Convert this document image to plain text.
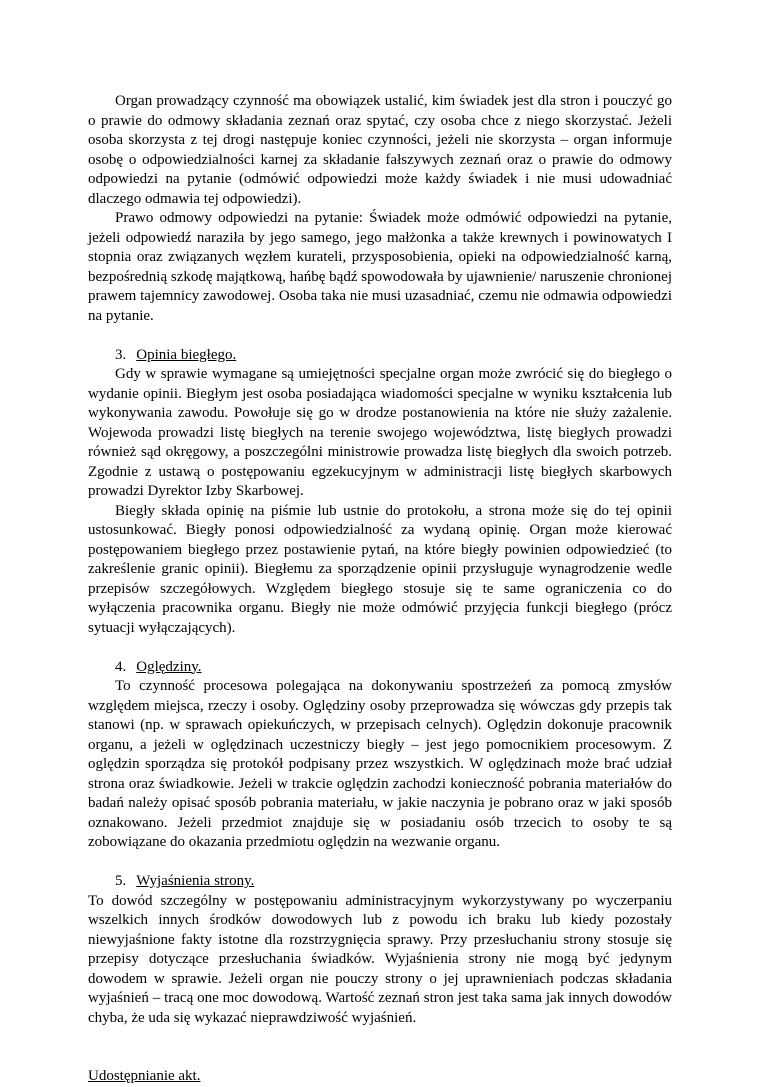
Organ prowadzący czynność ma obowiązek ustalić, kim świadek jest dla stron i pouczyć go o prawie do odmowy składania zeznań oraz spytać, czy osoba chce z niego skorzystać. Jeżeli osoba skorzysta z tej drogi następuje koniec czynności, jeżeli nie skorzysta – organ informuje osobę o odpowiedzialności karnej za składanie fałszywych zeznań oraz o prawie do odmowy odpowiedzi na pytanie (odmówić odpowiedzi może każdy świadek i nie musi udowadniać dlaczego odmawia tej odpowiedzi).

Prawo odmowy odpowiedzi na pytanie: Świadek może odmówić odpowiedzi na pytanie, jeżeli odpowiedź naraziła by jego samego, jego małżonka a także krewnych i powinowatych I stopnia oraz związanych węzłem kurateli, przysposobienia, opieki na odpowiedzialność karną, bezpośrednią szkodę majątkową, hańbę bądź spowodowała by ujawnienie/ naruszenie chronionej prawem tajemnicy zawodowej. Osoba taka nie musi uzasadniać, czemu nie odmawia odpowiedzi na pytanie.

3. Opinia biegłego.

Gdy w sprawie wymagane są umiejętności specjalne organ może zwrócić się do biegłego o wydanie opinii. Biegłym jest osoba posiadająca wiadomości specjalne w wyniku kształcenia lub wykonywania zawodu. Powołuje się go w drodze postanowienia na które nie służy zażalenie. Wojewoda prowadzi listę biegłych na terenie swojego województwa, listę biegłych prowadzi również sąd okręgowy, a poszczególni ministrowie prowadza listę biegłych dla swoich potrzeb. Zgodnie z ustawą o postępowaniu egzekucyjnym w administracji listę biegłych skarbowych prowadzi Dyrektor Izby Skarbowej.

Biegły składa opinię na piśmie lub ustnie do protokołu, a strona może się do tej opinii ustosunkować. Biegły ponosi odpowiedzialność za wydaną opinię. Organ może kierować postępowaniem biegłego przez postawienie pytań, na które biegły powinien odpowiedzieć (to zakreślenie granic opinii). Biegłemu za sporządzenie opinii przysługuje wynagrodzenie wedle przepisów szczegółowych. Względem biegłego stosuje się te same ograniczenia co do wyłączenia pracownika organu. Biegły nie może odmówić przyjęcia funkcji biegłego (prócz sytuacji wyłączających).

4. Oględziny.

To czynność procesowa polegająca na dokonywaniu spostrzeżeń za pomocą zmysłów względem miejsca, rzeczy i osoby. Oględziny osoby przeprowadza się wówczas gdy przepis tak stanowi (np. w sprawach opiekuńczych, w przepisach celnych). Oględzin dokonuje pracownik organu, a jeżeli w oględzinach uczestniczy biegły – jest jego pomocnikiem procesowym. Z oględzin sporządza się protokół podpisany przez wszystkich. W oględzinach może brać udział strona oraz świadkowie. Jeżeli w trakcie oględzin zachodzi konieczność pobrania materiałów do badań należy opisać sposób pobrania materiału, w jakie naczynia je pobrano oraz w jaki sposób oznakowano. Jeżeli przedmiot znajduje się w posiadaniu osób trzecich to osoby te są zobowiązane do okazania przedmiotu oględzin na wezwanie organu.

5. Wyjaśnienia strony.

To dowód szczególny w postępowaniu administracyjnym wykorzystywany po wyczerpaniu wszelkich innych środków dowodowych lub z powodu ich braku lub kiedy pozostały niewyjaśnione fakty istotne dla rozstrzygnięcia sprawy. Przy przesłuchaniu strony stosuje się przepisy dotyczące przesłuchania świadków. Wyjaśnienia strony nie mogą być jedynym dowodem w sprawie. Jeżeli organ nie pouczy strony o jej uprawnieniach podczas składania wyjaśnień – tracą one moc dowodową. Wartość zeznań stron jest taka sama jak innych dowodów chyba, że uda się wykazać nieprawdziwość wyjaśnień.

Udostępnianie akt.
